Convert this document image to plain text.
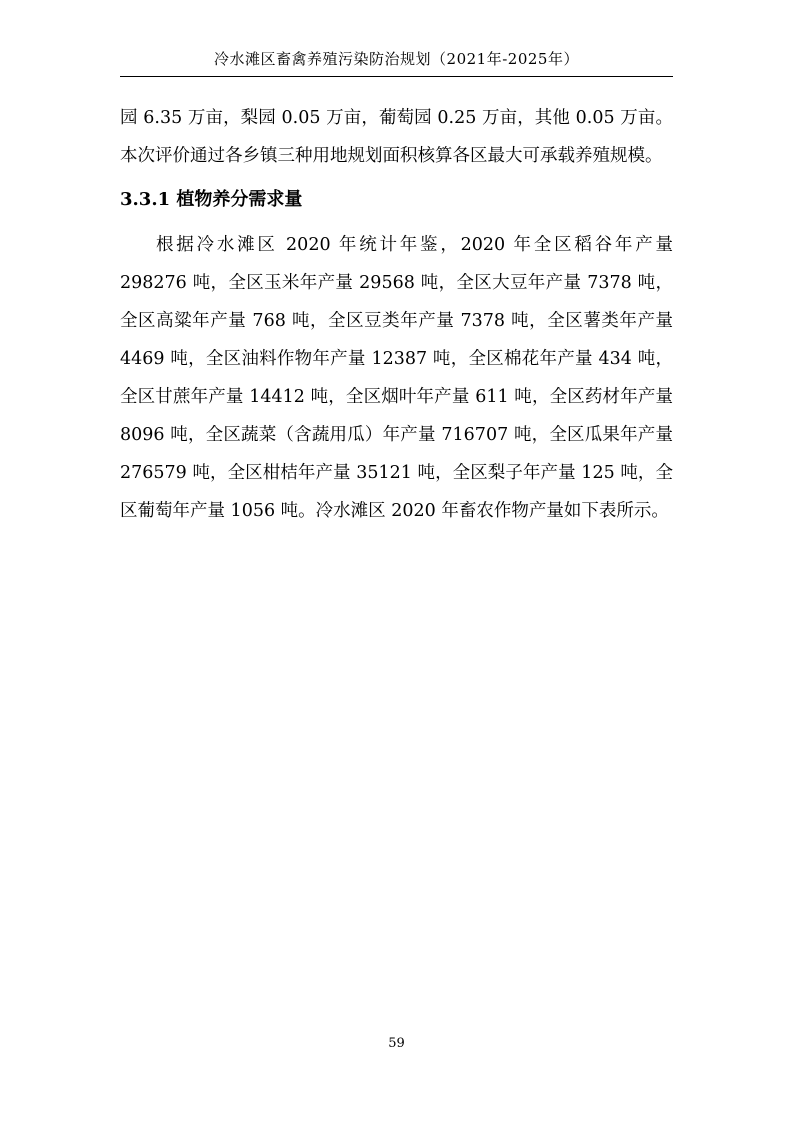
冷水滩区畜禽养殖污染防治规划（2021年-2025年）

园 6.35 万亩，梨园 0.05 万亩，葡萄园 0.25 万亩，其他 0.05 万亩。本次评价通过各乡镇三种用地规划面积核算各区最大可承载养殖规模。

3.3.1 植物养分需求量

根据冷水滩区 2020 年统计年鉴，2020 年全区稻谷年产量 298276 吨，全区玉米年产量 29568 吨，全区大豆年产量 7378 吨，全区高粱年产量 768 吨，全区豆类年产量 7378 吨，全区薯类年产量 4469 吨，全区油料作物年产量 12387 吨，全区棉花年产量 434 吨，全区甘蔗年产量 14412 吨，全区烟叶年产量 611 吨，全区药材年产量 8096 吨，全区蔬菜（含蔬用瓜）年产量 716707 吨，全区瓜果年产量 276579 吨，全区柑桔年产量 35121 吨，全区梨子年产量 125 吨，全区葡萄年产量 1056 吨。冷水滩区 2020 年畜农作物产量如下表所示。

59
